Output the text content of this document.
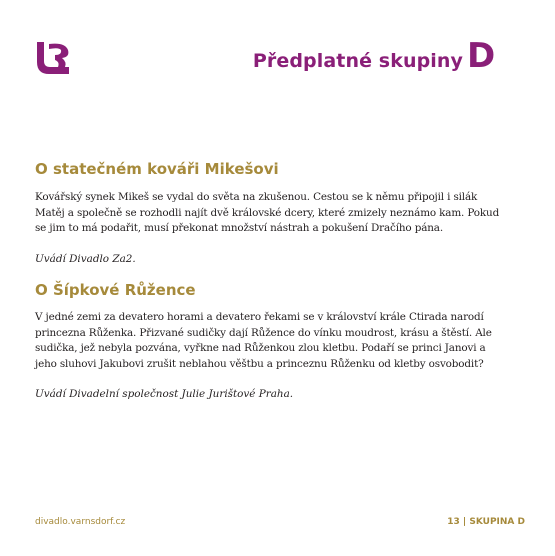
Předplatné skupiny D
O statečném kováři Mikešovi

Kovářský synek Mikeš se vydal do světa na zkušenou. Cestou se k němu připojil i silák Matěj a společně se rozhodli najít dvě královské dcery, které zmizely neznámo kam. Pokud se jim to má podařit, musí překonat množství nástrah a pokušení Dračího pána.

Uvádí Divadlo Za2.

O Šípkové Růžence

V jedné zemi za devatero horami a devatero řekami se v království krále Ctirada narodí princezna Růženka. Přizvané sudičky dají Růžence do vínku moudrost, krásu a štěstí. Ale sudička, jež nebyla pozvána, vyřkne nad Růženkou zlou kletbu. Podaří se princi Janovi a jeho sluhovi Jakubovi zrušit neblahou věštbu a princeznu Růženku od kletby osvobodit?

Uvádí Divadelní společnost Julie Jurištové Praha.

divadlo.varnsdorf.cz	13 | SKUPINA D
